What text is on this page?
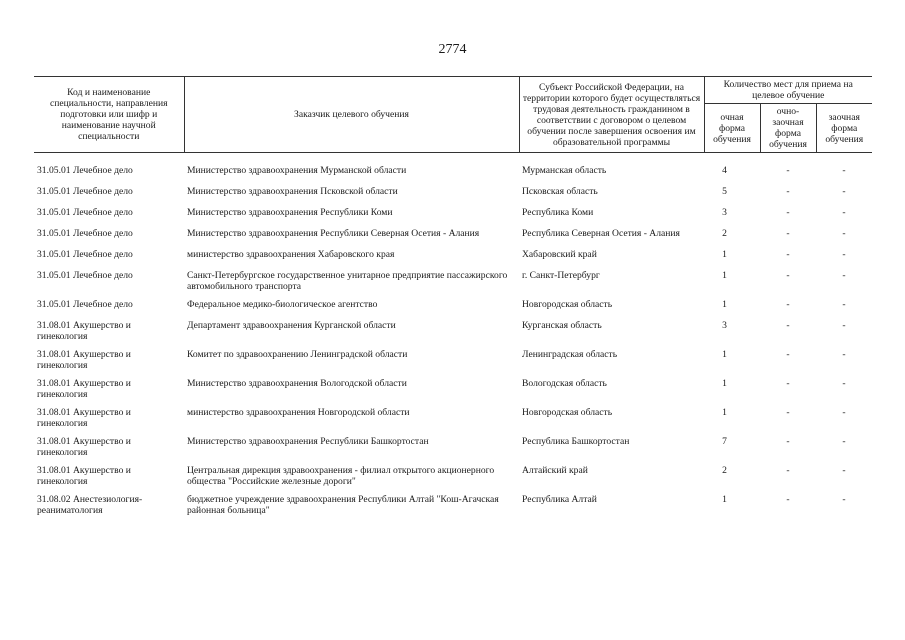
2774
Код и наименование специальности, направления подготовки или шифр и наименование научной специальности	Заказчик целевого обучения	Субъект Российской Федерации, на территории которого будет осуществляться трудовая деятельность гражданином в соответствии с договором о целевом обучении после завершения освоения им образовательной программы	Количество мест для приема на целевое обучение		
			очная форма обучения	очно-заочная форма обучения	заочная форма обучения

31.05.01 Лечебное дело	Министерство здравоохранения Мурманской области	Мурманская область	4	-	-
31.05.01 Лечебное дело	Министерство здравоохранения Псковской области	Псковская область	5	-	-
31.05.01 Лечебное дело	Министерство здравоохранения Республики Коми	Республика Коми	3	-	-
31.05.01 Лечебное дело	Министерство здравоохранения Республики Северная Осетия - Алания	Республика Северная Осетия - Алания	2	-	-
31.05.01 Лечебное дело	министерство здравоохранения Хабаровского края	Хабаровский край	1	-	-
31.05.01 Лечебное дело	Санкт-Петербургское государственное унитарное предприятие пассажирского автомобильного транспорта	г. Санкт-Петербург	1	-	-
31.05.01 Лечебное дело	Федеральное медико-биологическое агентство	Новгородская область	1	-	-
31.08.01 Акушерство и гинекология	Департамент здравоохранения Курганской области	Курганская область	3	-	-
31.08.01 Акушерство и гинекология	Комитет по здравоохранению Ленинградской области	Ленинградская область	1	-	-
31.08.01 Акушерство и гинекология	Министерство здравоохранения Вологодской области	Вологодская область	1	-	-
31.08.01 Акушерство и гинекология	министерство здравоохранения Новгородской области	Новгородская область	1	-	-
31.08.01 Акушерство и гинекология	Министерство здравоохранения Республики Башкортостан	Республика Башкортостан	7	-	-
31.08.01 Акушерство и гинекология	Центральная дирекция здравоохранения - филиал открытого акционерного общества "Российские железные дороги"	Алтайский край	2	-	-
31.08.02 Анестезиология-реаниматология	бюджетное учреждение здравоохранения Республики Алтай "Кош-Агачская районная больница"	Республика Алтай	1	-	-
